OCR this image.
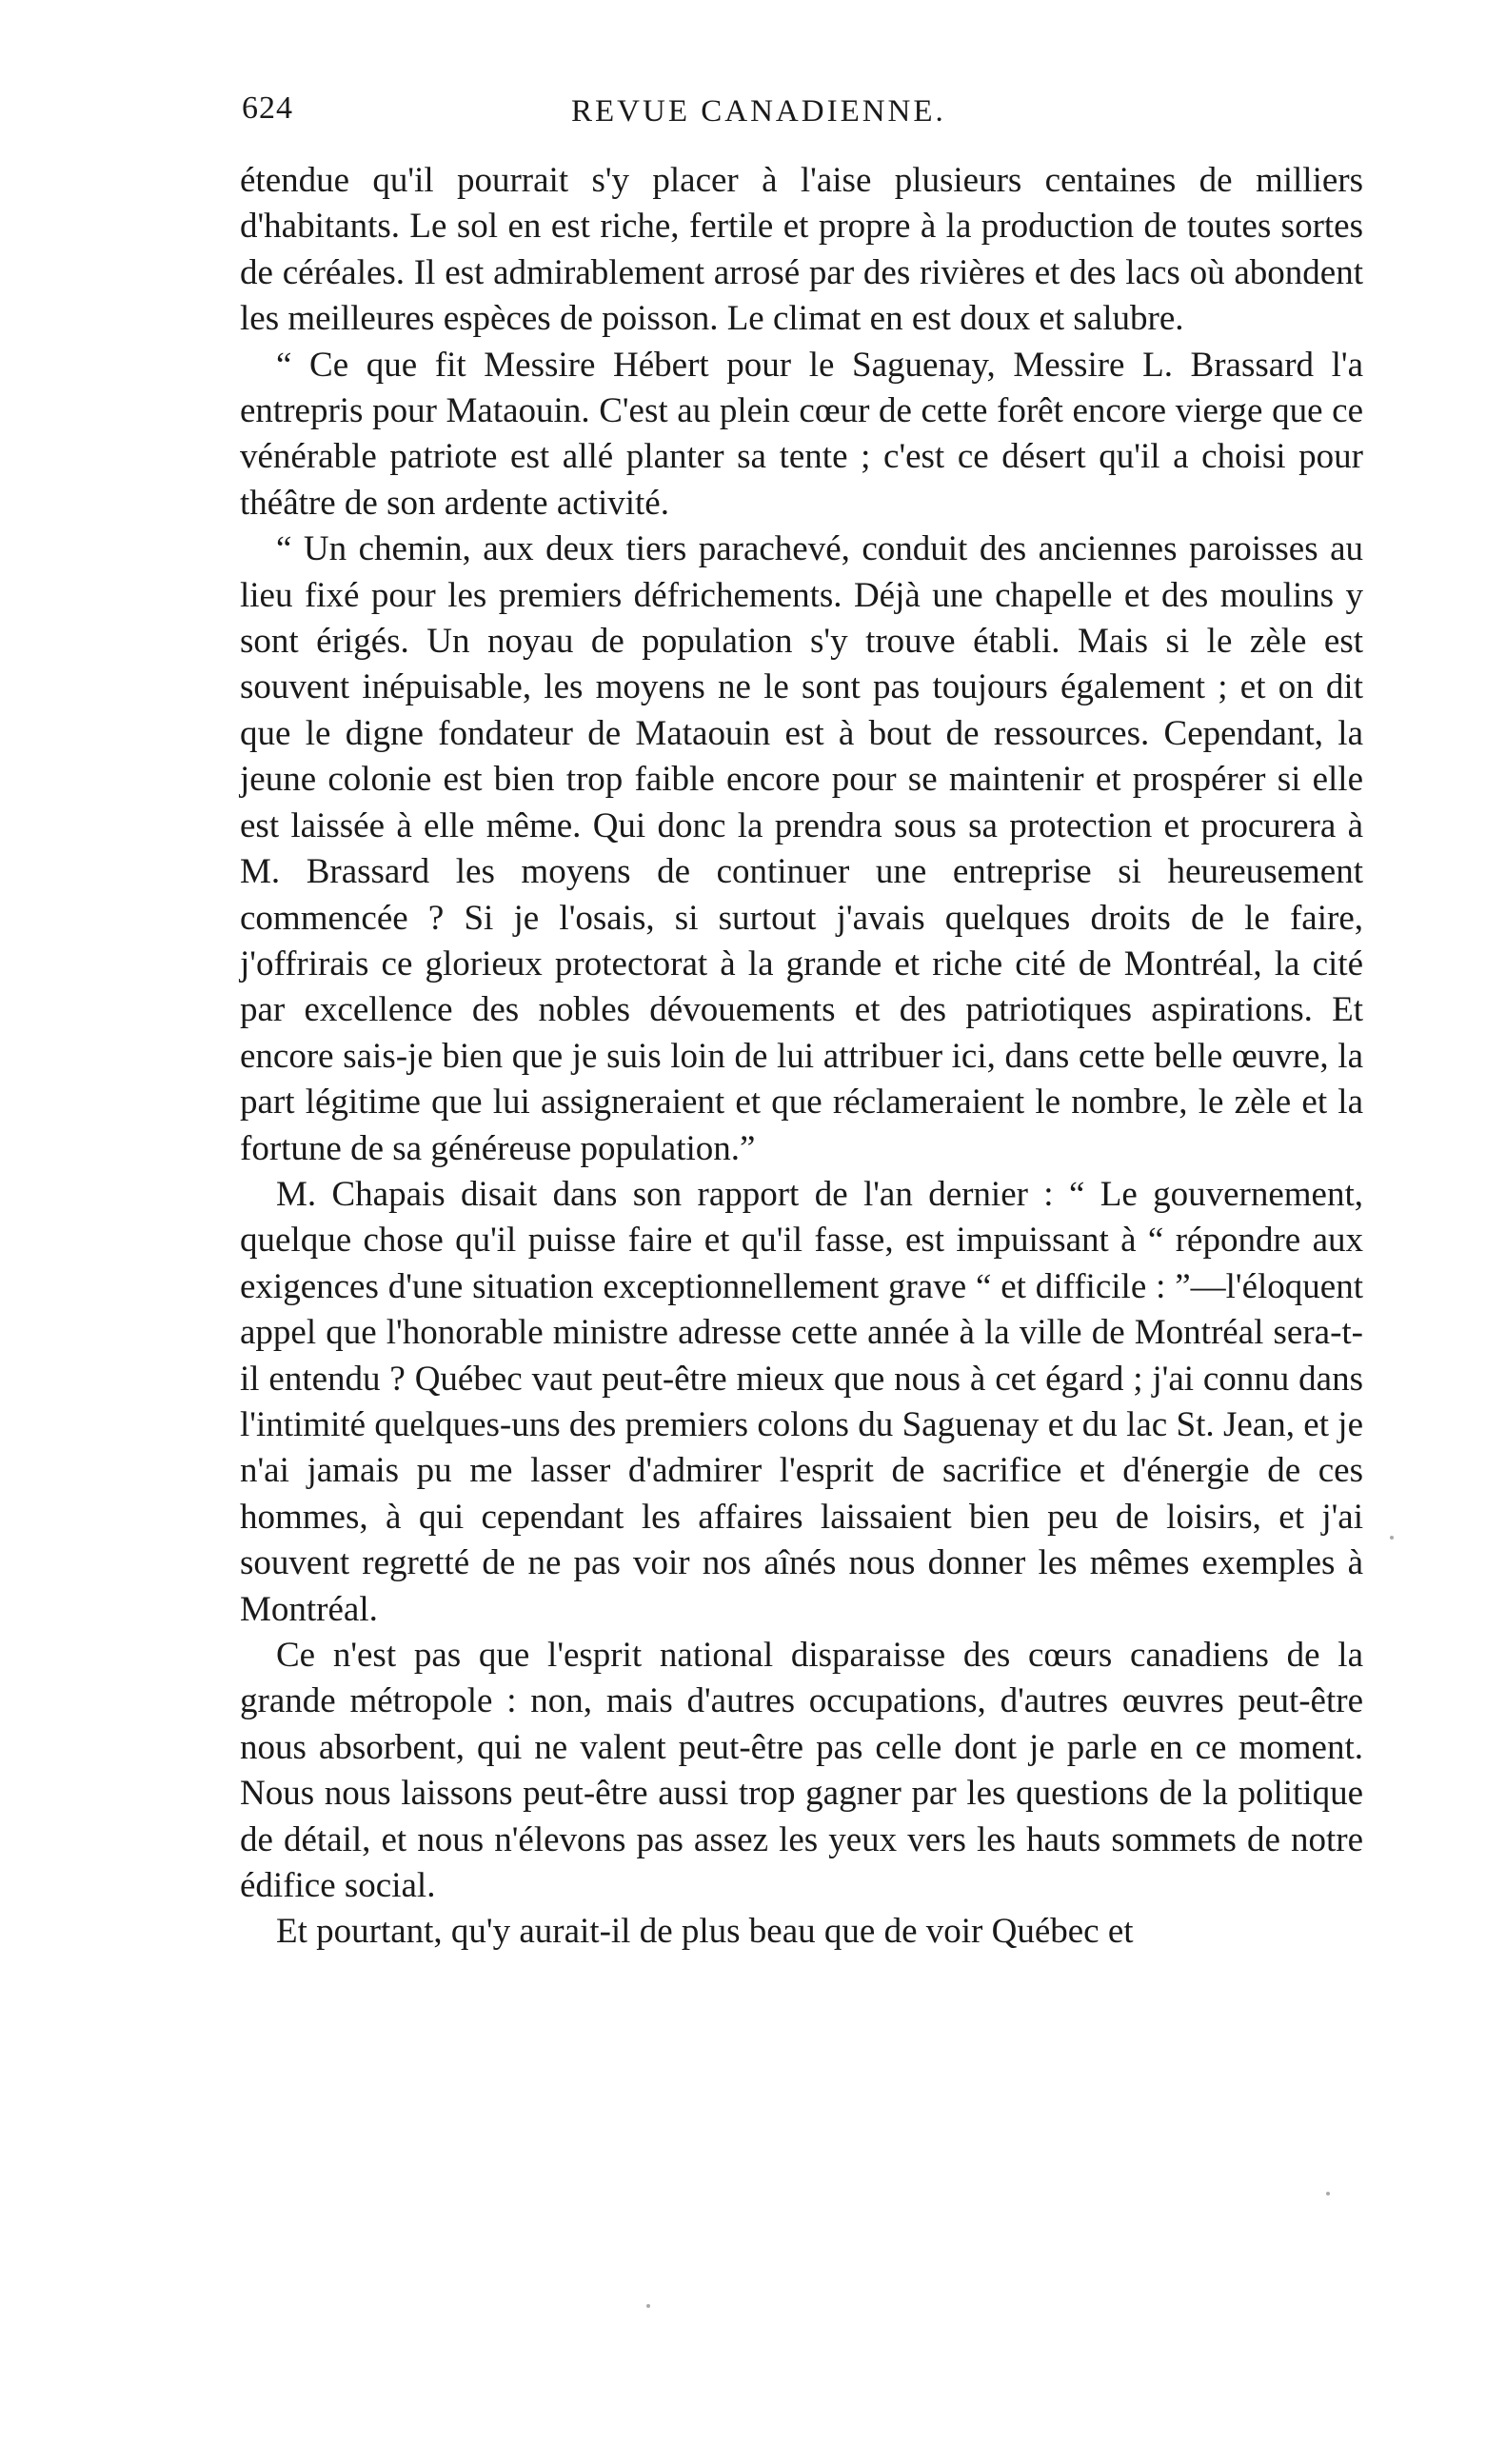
624	REVUE CANADIENNE.

étendue qu'il pourrait s'y placer à l'aise plusieurs centaines de milliers d'habitants. Le sol en est riche, fertile et propre à la production de toutes sortes de céréales. Il est admirablement arrosé par des rivières et des lacs où abondent les meilleures espèces de poisson. Le climat en est doux et salubre.

“ Ce que fit Messire Hébert pour le Saguenay, Messire L. Brassard l'a entrepris pour Mataouin. C'est au plein cœur de cette forêt encore vierge que ce vénérable patriote est allé planter sa tente ; c'est ce désert qu'il a choisi pour théâtre de son ardente activité.

“ Un chemin, aux deux tiers parachevé, conduit des anciennes paroisses au lieu fixé pour les premiers défrichements. Déjà une chapelle et des moulins y sont érigés. Un noyau de population s'y trouve établi. Mais si le zèle est souvent inépuisable, les moyens ne le sont pas toujours également ; et on dit que le digne fondateur de Mataouin est à bout de ressources. Cependant, la jeune colonie est bien trop faible encore pour se maintenir et prospérer si elle est laissée à elle même. Qui donc la prendra sous sa protection et procurera à M. Brassard les moyens de continuer une entreprise si heureusement commencée ? Si je l'osais, si surtout j'avais quelques droits de le faire, j'offrirais ce glorieux protectorat à la grande et riche cité de Montréal, la cité par excellence des nobles dévouements et des patriotiques aspirations. Et encore sais-je bien que je suis loin de lui attribuer ici, dans cette belle œuvre, la part légitime que lui assigneraient et que réclameraient le nombre, le zèle et la fortune de sa généreuse population.”

M. Chapais disait dans son rapport de l'an dernier : “ Le gouvernement, quelque chose qu'il puisse faire et qu'il fasse, est impuissant à “ répondre aux exigences d'une situation exceptionnellement grave “ et difficile : ”—l'éloquent appel que l'honorable ministre adresse cette année à la ville de Montréal sera-t-il entendu ? Québec vaut peut-être mieux que nous à cet égard ; j'ai connu dans l'intimité quelques-uns des premiers colons du Saguenay et du lac St. Jean, et je n'ai jamais pu me lasser d'admirer l'esprit de sacrifice et d'énergie de ces hommes, à qui cependant les affaires laissaient bien peu de loisirs, et j'ai souvent regretté de ne pas voir nos aînés nous donner les mêmes exemples à Montréal.

Ce n'est pas que l'esprit national disparaisse des cœurs canadiens de la grande métropole : non, mais d'autres occupations, d'autres œuvres peut-être nous absorbent, qui ne valent peut-être pas celle dont je parle en ce moment. Nous nous laissons peut-être aussi trop gagner par les questions de la politique de détail, et nous n'élevons pas assez les yeux vers les hauts sommets de notre édifice social.

Et pourtant, qu'y aurait-il de plus beau que de voir Québec et
